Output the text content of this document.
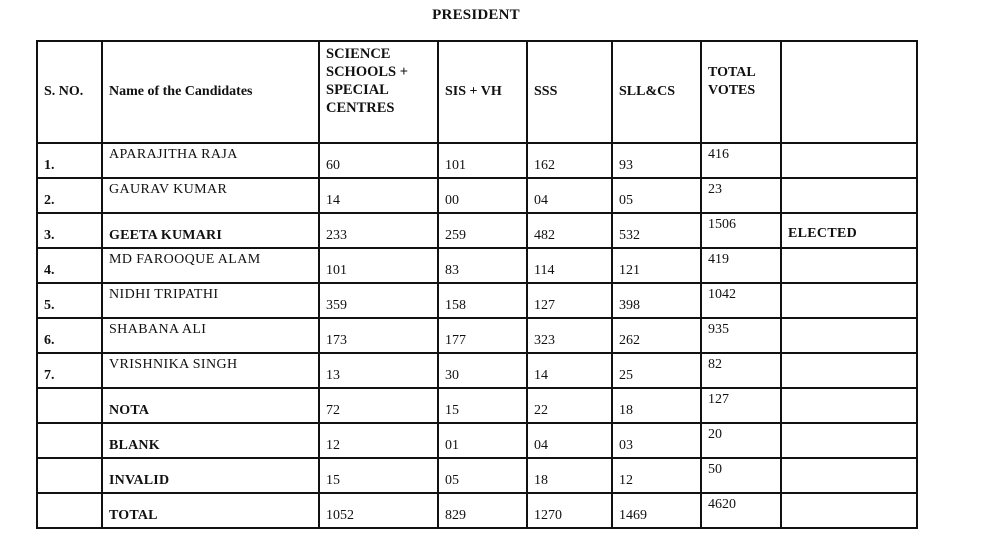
PRESIDENT
S. NO.	Name of the Candidates	SCIENCE
SCHOOLS +
SPECIAL
CENTRES	SIS + VH	SSS	SLL&CS	TOTAL
VOTES	

1.	APARAJITHA RAJA	60	101	162	93	416	

2.	GAURAV KUMAR	14	00	04	05	23	

3.	GEETA KUMARI	233	259	482	532	1506	ELECTED

4.	MD FAROOQUE ALAM	101	83	114	121	419	

5.	NIDHI TRIPATHI	359	158	127	398	1042	

6.	SHABANA ALI	173	177	323	262	935	

7.	VRISHNIKA SINGH	13	30	14	25	82	

	NOTA	72	15	22	18	127	

	BLANK	12	01	04	03	20	

	INVALID	15	05	18	12	50	

	TOTAL	1052	829	1270	1469	4620	
